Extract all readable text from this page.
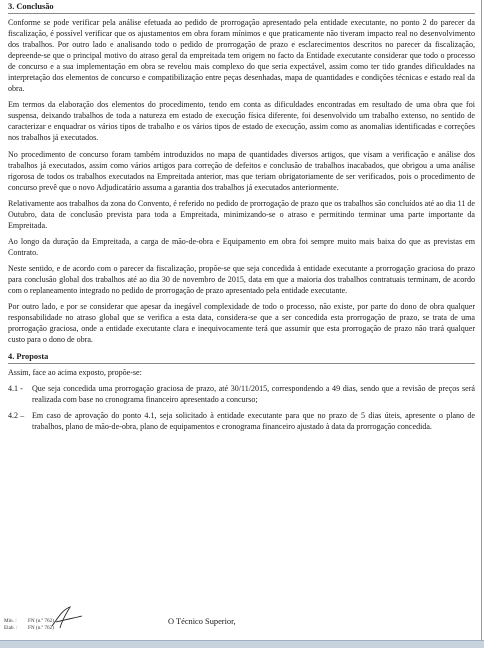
3. Conclusão

Conforme se pode verificar pela análise efetuada ao pedido de prorrogação apresentado pela entidade executante, no ponto 2 do parecer da fiscalização, é possível verificar que os ajustamentos em obra foram mínimos e que praticamente não tiveram impacto real no desenvolvimento dos trabalhos. Por outro lado e analisando todo o pedido de prorrogação de prazo e esclarecimentos descritos no parecer da fiscalização, depreende-se que o principal motivo do atraso geral da empreitada tem origem no facto da Entidade executante considerar que todo o processo de concurso e a sua implementação em obra se revelou mais complexo do que seria expectável, assim como ter tido grandes dificuldades na interpretação dos elementos de concurso e compatibilização entre peças desenhadas, mapa de quantidades e condições técnicas e estado real da obra.

Em termos da elaboração dos elementos do procedimento, tendo em conta as dificuldades encontradas em resultado de uma obra que foi suspensa, deixando trabalhos de toda a natureza em estado de execução física diferente, foi desenvolvido um trabalho extenso, no sentido de caracterizar e enquadrar os vários tipos de trabalho e os vários tipos de estado de execução, assim como as anomalias identificadas e correções nos trabalhos já executados.

No procedimento de concurso foram também introduzidos no mapa de quantidades diversos artigos, que visam a verificação e análise dos trabalhos já executados, assim como vários artigos para correção de defeitos e conclusão de trabalhos inacabados, que obrigou a uma análise rigorosa de todos os trabalhos executados na Empreitada anterior, mas que teriam obrigatoriamente de ser verificados, pois o procedimento de concurso prevê que o novo Adjudicatário assuma a garantia dos trabalhos já executados anteriormente.

Relativamente aos trabalhos da zona do Convento, é referido no pedido de prorrogação de prazo que os trabalhos são concluídos até ao dia 11 de Outubro, data de conclusão prevista para toda a Empreitada, minimizando-se o atraso e permitindo terminar uma parte importante da Empreitada.

Ao longo da duração da Empreitada, a carga de mão-de-obra e Equipamento em obra foi sempre muito mais baixa do que as previstas em Contrato.

Neste sentido, e de acordo com o parecer da fiscalização, propõe-se que seja concedida à entidade executante a prorrogação graciosa do prazo para conclusão global dos trabalhos até ao dia 30 de novembro de 2015, data em que a maioria dos trabalhos contratuais terminam, de acordo com o replaneamento integrado no pedido de prorrogação de prazo apresentado pela entidade executante.

Por outro lado, e por se considerar que apesar da inegável complexidade de todo o processo, não existe, por parte do dono de obra qualquer responsabilidade no atraso global que se verifica a esta data, considera-se que a ser concedida esta prorrogação de prazo, se trata de uma prorrogação graciosa, onde a entidade executante clara e inequivocamente terá que assumir que esta prorrogação de prazo não trará qualquer custo para o dono de obra.

4. Proposta

Assim, face ao acima exposto, propõe-se:

4.1 -	Que seja concedida uma prorrogação graciosa de prazo, até 30/11/2015, correspondendo a 49 dias, sendo que a revisão de preços será realizada com base no cronograma financeiro apresentado a concurso;
4.2 – Em caso de aprovação do ponto 4.1, seja solicitado à entidade executante para que no prazo de 5 dias úteis, apresente o plano de trabalhos, plano de mão-de-obra, plano de equipamentos e cronograma financeiro ajustado à data da prorrogação concedida.
Min. :	FN (n.º 762)
Elab. :	FN (n.º 762)
O Técnico Superior,
